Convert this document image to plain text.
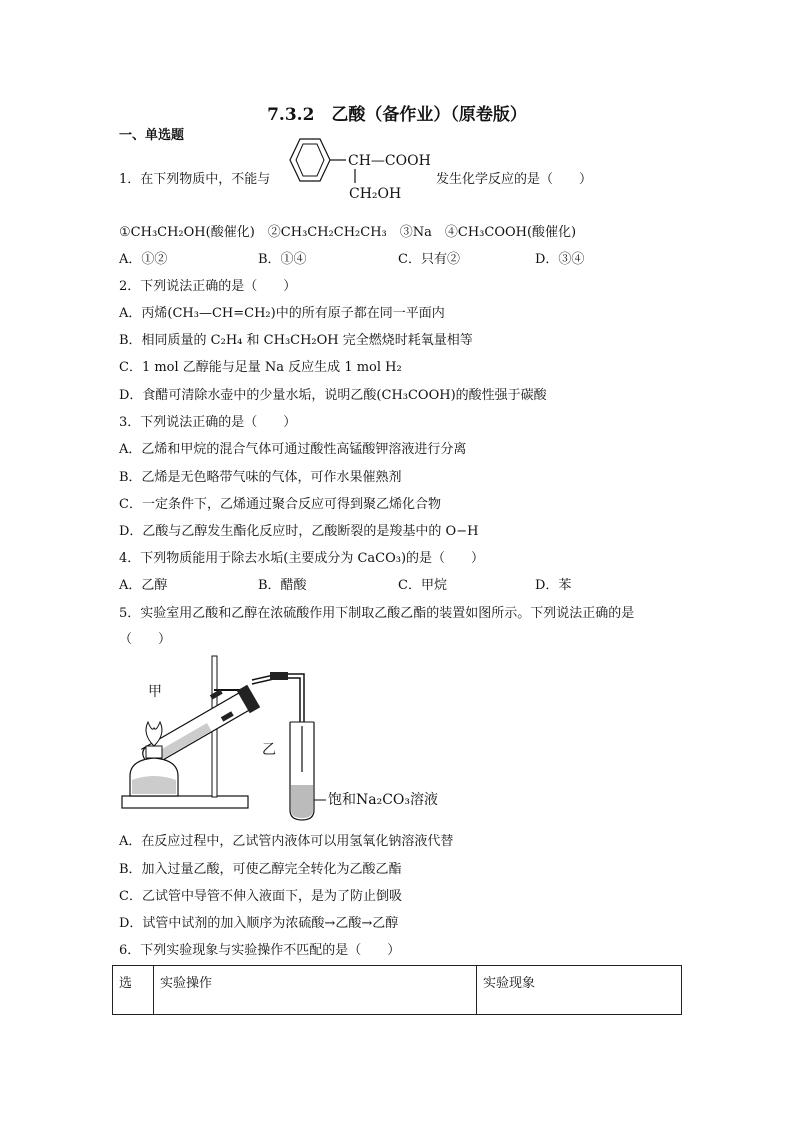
7.3.2　乙酸（备作业）（原卷版）
一、单选题
1．在下列物质中，不能与
CH—COOH
CH₂OH
发生化学反应的是（　　）
①CH₃CH₂OH(酸催化)　②CH₃CH₂CH₂CH₃　③Na　④CH₃COOH(酸催化)
A．①②	B．①④	C．只有②	D．③④
2．下列说法正确的是（　　）
A．丙烯(CH₃—CH=CH₂)中的所有原子都在同一平面内
B．相同质量的 C₂H₄ 和 CH₃CH₂OH 完全燃烧时耗氧量相等
C．1 mol 乙醇能与足量 Na 反应生成 1 mol H₂
D．食醋可清除水壶中的少量水垢，说明乙酸(CH₃COOH)的酸性强于碳酸
3．下列说法正确的是（　　）
A．乙烯和甲烷的混合气体可通过酸性高锰酸钾溶液进行分离
B．乙烯是无色略带气味的气体，可作水果催熟剂
C．一定条件下，乙烯通过聚合反应可得到聚乙烯化合物
D．乙酸与乙醇发生酯化反应时，乙酸断裂的是羧基中的 O−H
4．下列物质能用于除去水垢(主要成分为 CaCO₃)的是（　　）
A．乙醇	B．醋酸	C．甲烷	D．苯
5．实验室用乙酸和乙醇在浓硫酸作用下制取乙酸乙酯的装置如图所示。下列说法正确的是
（　　）
甲
乙
饱和Na₂CO₃溶液
A．在反应过程中，乙试管内液体可以用氢氧化钠溶液代替
B．加入过量乙酸，可使乙醇完全转化为乙酸乙酯
C．乙试管中导管不伸入液面下，是为了防止倒吸
D．试管中试剂的加入顺序为浓硫酸→乙酸→乙醇
6．下列实验现象与实验操作不匹配的是（　　）
选	实验操作	实验现象
